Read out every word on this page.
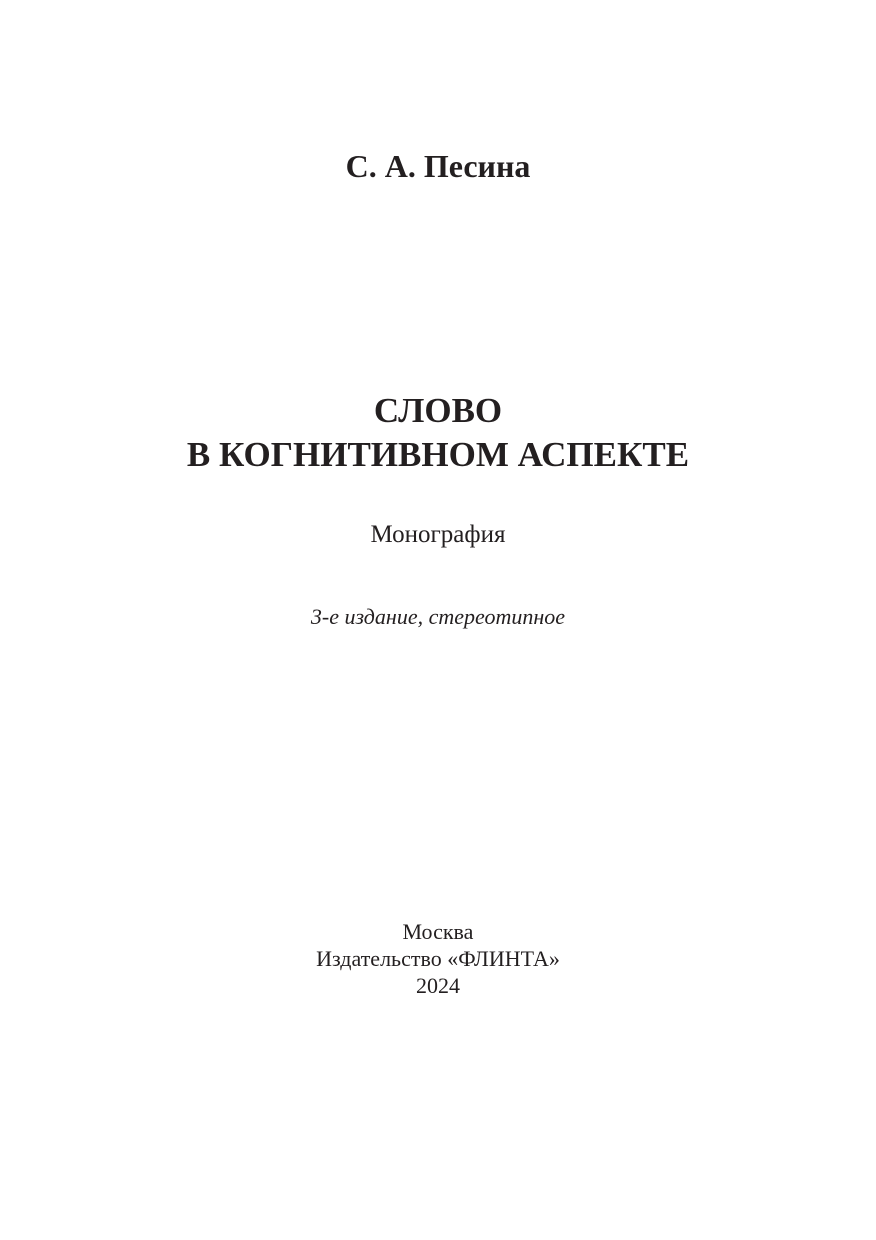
С. А. Песина
СЛОВО
В КОГНИТИВНОМ АСПЕКТЕ
Монография
3-е издание, стереотипное
Москва
Издательство «ФЛИНТА»
2024
